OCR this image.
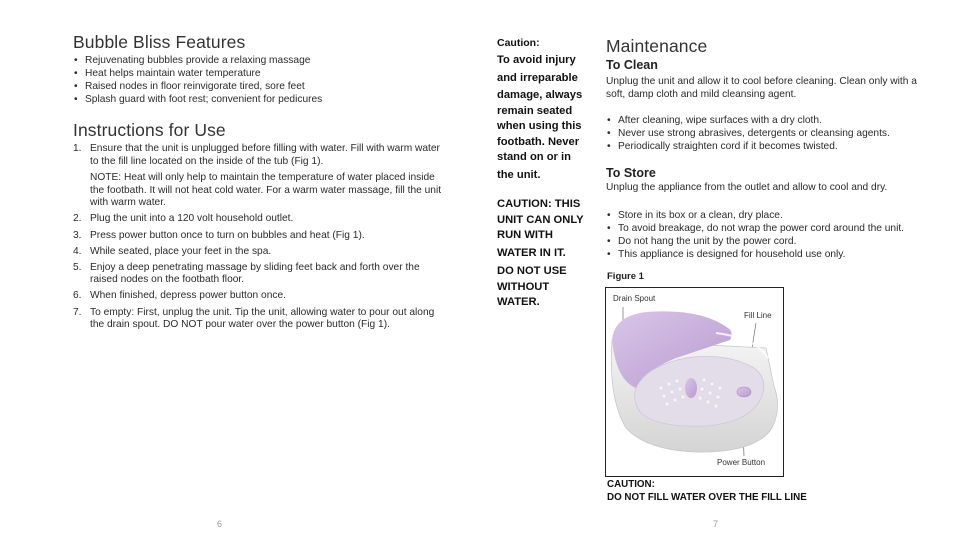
Bubble Bliss Features
• Rejuvenating bubbles provide a relaxing massage
• Heat helps maintain water temperature
• Raised nodes in floor reinvigorate tired, sore feet
• Splash guard with foot rest; convenient for pedicures
Instructions for Use
1. Ensure that the unit is unplugged before filling with water. Fill with warm water to the fill line located on the inside of the tub (Fig 1).
NOTE: Heat will only help to maintain the temperature of water placed inside the footbath. It will not heat cold water. For a warm water massage, fill the unit with warm water.
2. Plug the unit into a 120 volt household outlet.
3. Press power button once to turn on bubbles and heat (Fig 1).
4. While seated, place your feet in the spa.
5. Enjoy a deep penetrating massage by sliding feet back and forth over the raised nodes on the footbath floor.
6. When finished, depress power button once.
7. To empty: First, unplug the unit. Tip the unit, allowing water to pour out along the drain spout. DO NOT pour water over the power button (Fig 1).
6

Caution:

To avoid injury

and irreparable

damage, always

remain seated

when using this

footbath. Never

stand on or in

the unit.

CAUTION: THIS

UNIT CAN ONLY

RUN WITH

WATER IN IT.

DO NOT USE

WITHOUT

WATER.

Maintenance
To Clean
Unplug the unit and allow it to cool before cleaning. Clean only with a soft, damp cloth and mild cleansing agent.
• After cleaning, wipe surfaces with a dry cloth.
• Never use strong abrasives, detergents or cleansing agents.
• Periodically straighten cord if it becomes twisted.
To Store
Unplug the appliance from the outlet and allow to cool and dry.
• Store in its box or a clean, dry place.
• To avoid breakage, do not wrap the power cord around the unit.
• Do not hang the unit by the power cord.
• This appliance is designed for household use only.
Figure 1
Drain Spout
Fill Line
Power Button
CAUTION:
DO NOT FILL WATER OVER THE FILL LINE
7
